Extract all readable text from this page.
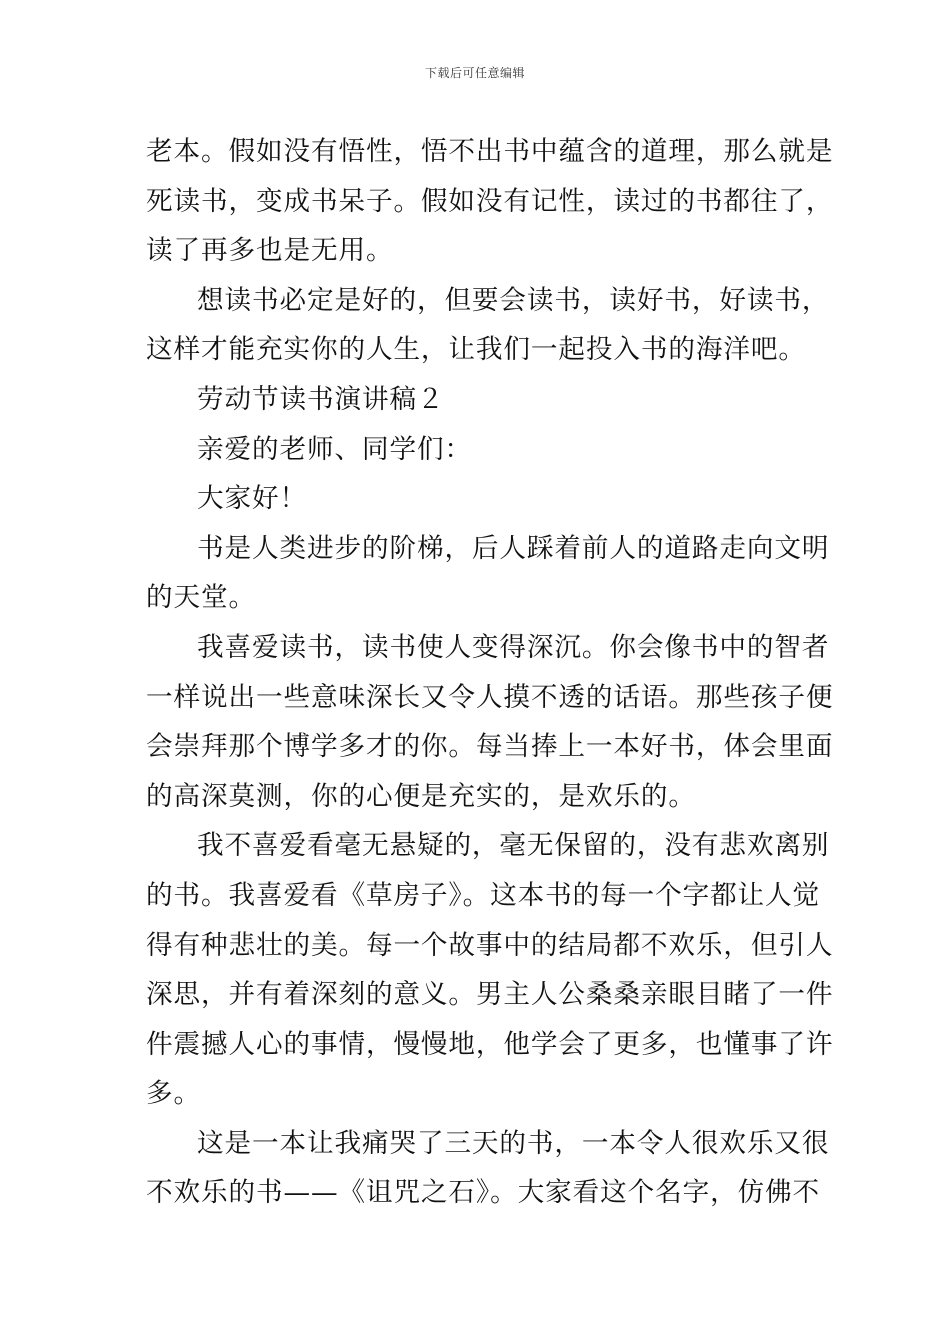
下载后可任意编辑
老本。假如没有悟性，悟不出书中蕴含的道理，那么就是
死读书，变成书呆子。假如没有记性，读过的书都往了，
读了再多也是无用。
想读书必定是好的，但要会读书，读好书，好读书，
这样才能充实你的人生，让我们一起投入书的海洋吧。
劳动节读书演讲稿２
亲爱的老师、同学们：
大家好！
书是人类进步的阶梯，后人踩着前人的道路走向文明
的天堂。
我喜爱读书，读书使人变得深沉。你会像书中的智者
一样说出一些意味深长又令人摸不透的话语。那些孩子便
会崇拜那个博学多才的你。每当捧上一本好书，体会里面
的高深莫测，你的心便是充实的，是欢乐的。
我不喜爱看毫无悬疑的，毫无保留的，没有悲欢离别
的书。我喜爱看《草房子》。这本书的每一个字都让人觉
得有种悲壮的美。每一个故事中的结局都不欢乐，但引人
深思，并有着深刻的意义。男主人公桑桑亲眼目睹了一件
件震撼人心的事情，慢慢地，他学会了更多，也懂事了许
多。
这是一本让我痛哭了三天的书，一本令人很欢乐又很
不欢乐的书——《诅咒之石》。大家看这个名字，仿佛不
